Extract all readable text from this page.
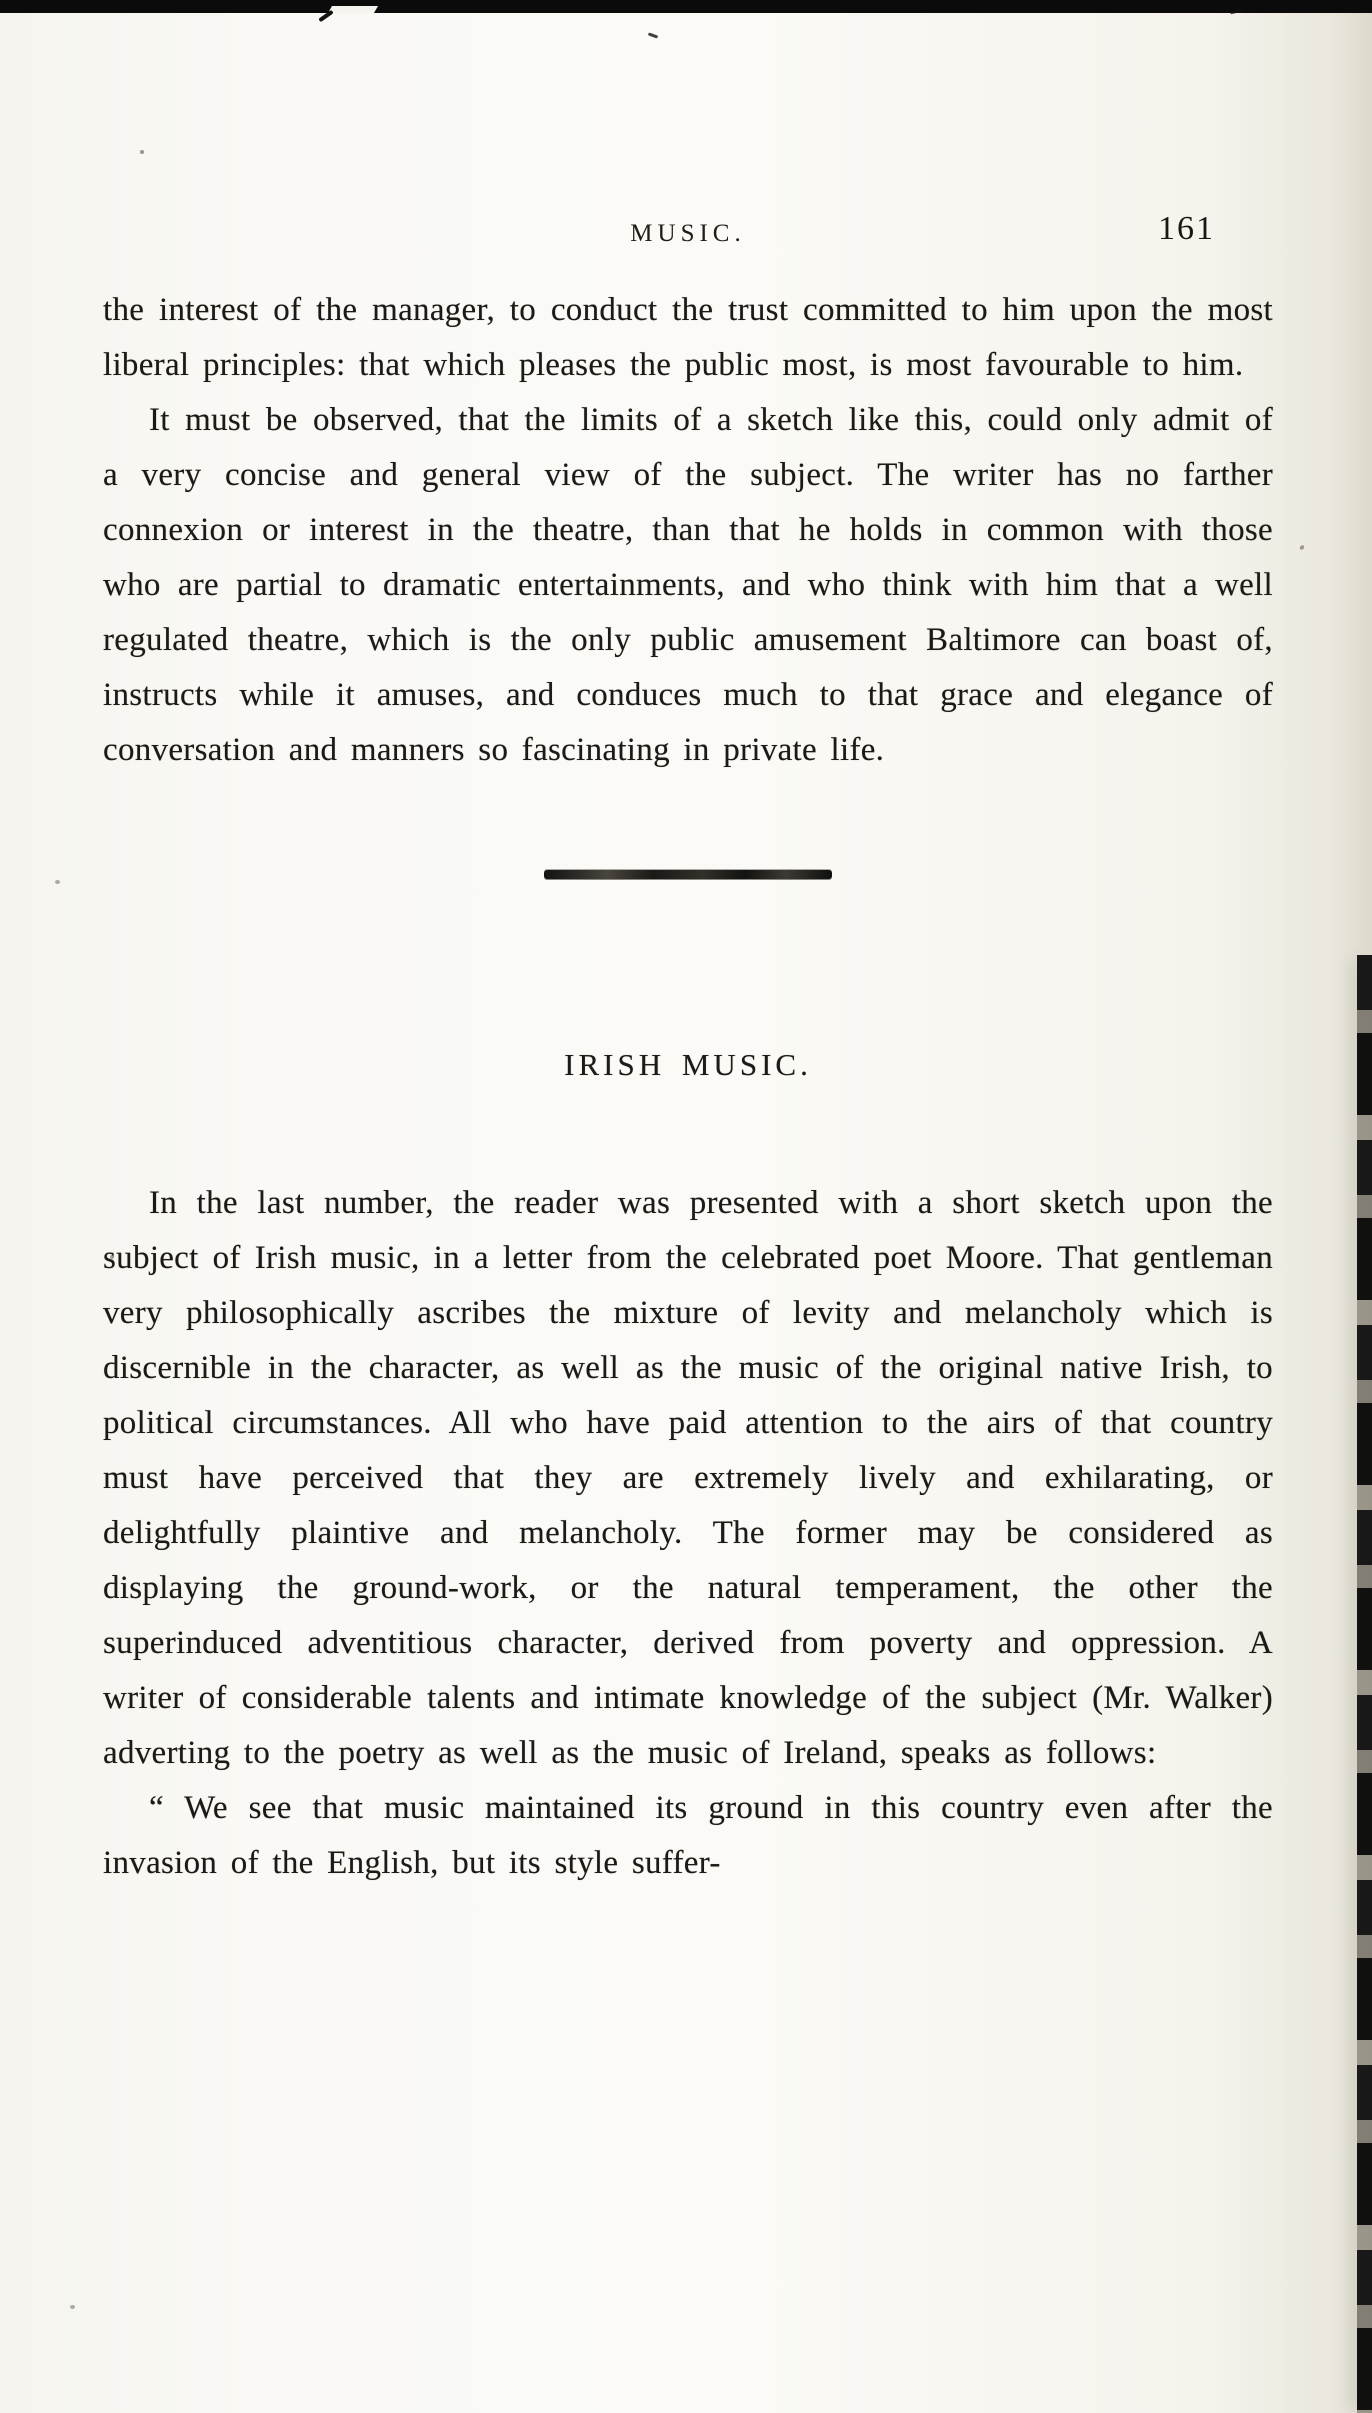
MUSIC.	161

the interest of the manager, to conduct the trust committed to him upon the most liberal principles: that which pleases the public most, is most favourable to him.

It must be observed, that the limits of a sketch like this, could only admit of a very concise and general view of the subject. The writer has no farther connexion or interest in the theatre, than that he holds in common with those who are partial to dramatic entertainments, and who think with him that a well regulated theatre, which is the only public amusement Baltimore can boast of, instructs while it amuses, and conduces much to that grace and elegance of conversation and manners so fascinating in private life.

IRISH MUSIC.

In the last number, the reader was presented with a short sketch upon the subject of Irish music, in a letter from the celebrated poet Moore. That gentleman very philosophically ascribes the mixture of levity and melancholy which is discernible in the character, as well as the music of the original native Irish, to political circumstances. All who have paid attention to the airs of that country must have perceived that they are extremely lively and exhilarating, or delightfully plaintive and melancholy. The former may be considered as displaying the ground-work, or the natural temperament, the other the superinduced adventitious character, derived from poverty and oppression. A writer of considerable talents and intimate knowledge of the subject (Mr. Walker) adverting to the poetry as well as the music of Ireland, speaks as follows:

“ We see that music maintained its ground in this country even after the invasion of the English, but its style suffer-
